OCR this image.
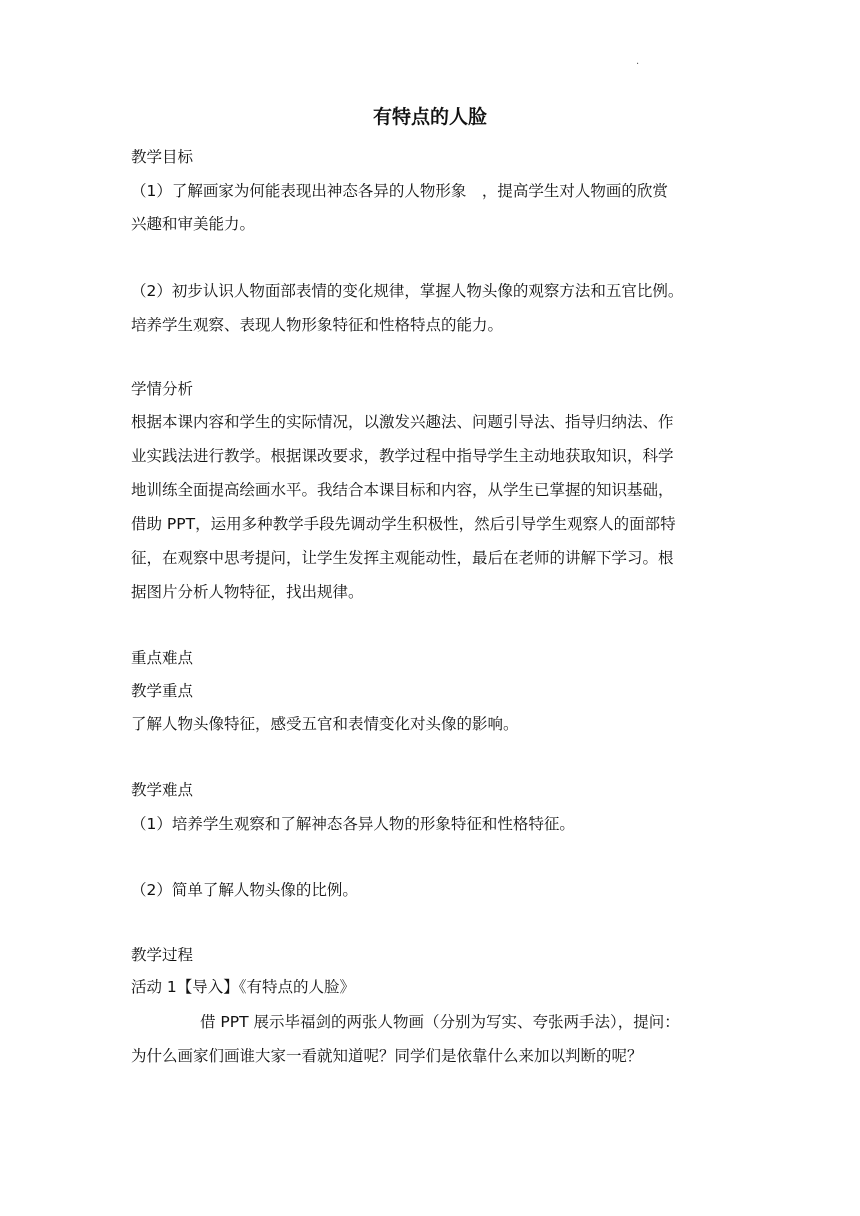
.
有特点的人脸
教学目标
（1）了解画家为何能表现出神态各异的人物形象　，提高学生对人物画的欣赏
兴趣和审美能力。
（2）初步认识人物面部表情的变化规律，掌握人物头像的观察方法和五官比例。
培养学生观察、表现人物形象特征和性格特点的能力。
学情分析
根据本课内容和学生的实际情况，以激发兴趣法、问题引导法、指导归纳法、作
业实践法进行教学。根据课改要求，教学过程中指导学生主动地获取知识，科学
地训练全面提高绘画水平。我结合本课目标和内容，从学生已掌握的知识基础，
借助 PPT，运用多种教学手段先调动学生积极性，然后引导学生观察人的面部特
征，在观察中思考提问，让学生发挥主观能动性，最后在老师的讲解下学习。根
据图片分析人物特征，找出规律。
重点难点
教学重点
了解人物头像特征，感受五官和表情变化对头像的影响。
教学难点
（1）培养学生观察和了解神态各异人物的形象特征和性格特征。
（2）简单了解人物头像的比例。
教学过程
活动 1【导入】《有特点的人脸》
借 PPT 展示毕福剑的两张人物画（分别为写实、夸张两手法），提问：
为什么画家们画谁大家一看就知道呢？同学们是依靠什么来加以判断的呢？
